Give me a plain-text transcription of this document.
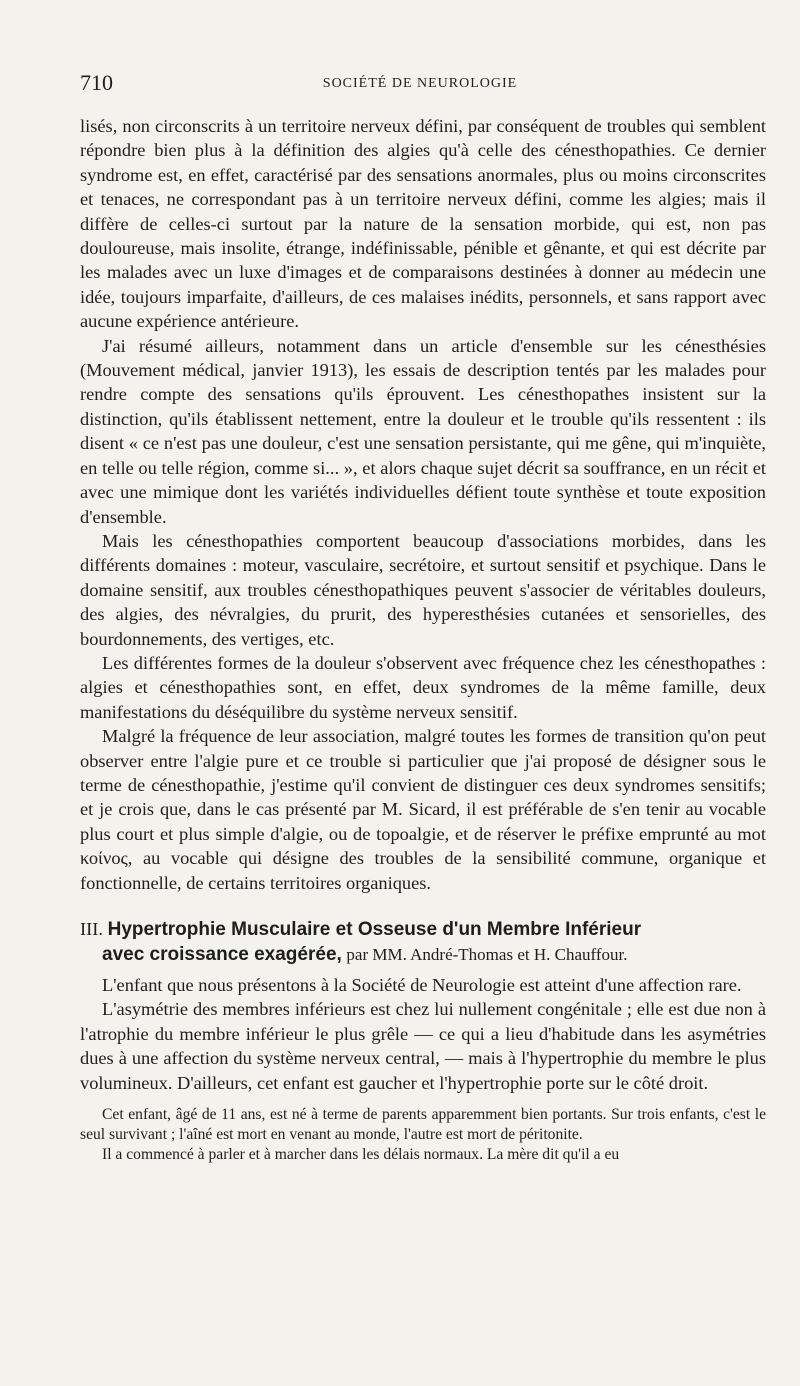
710	SOCIÉTÉ DE NEUROLOGIE

lisés, non circonscrits à un territoire nerveux défini, par conséquent de troubles qui semblent répondre bien plus à la définition des algies qu'à celle des cénesthopathies. Ce dernier syndrome est, en effet, caractérisé par des sensations anormales, plus ou moins circonscrites et tenaces, ne correspondant pas à un territoire nerveux défini, comme les algies; mais il diffère de celles-ci surtout par la nature de la sensation morbide, qui est, non pas douloureuse, mais insolite, étrange, indéfinissable, pénible et gênante, et qui est décrite par les malades avec un luxe d'images et de comparaisons destinées à donner au médecin une idée, toujours imparfaite, d'ailleurs, de ces malaises inédits, personnels, et sans rapport avec aucune expérience antérieure.

J'ai résumé ailleurs, notamment dans un article d'ensemble sur les cénesthésies (Mouvement médical, janvier 1913), les essais de description tentés par les malades pour rendre compte des sensations qu'ils éprouvent. Les cénesthopathes insistent sur la distinction, qu'ils établissent nettement, entre la douleur et le trouble qu'ils ressentent : ils disent « ce n'est pas une douleur, c'est une sensation persistante, qui me gêne, qui m'inquiète, en telle ou telle région, comme si... », et alors chaque sujet décrit sa souffrance, en un récit et avec une mimique dont les variétés individuelles défient toute synthèse et toute exposition d'ensemble.

Mais les cénesthopathies comportent beaucoup d'associations morbides, dans les différents domaines : moteur, vasculaire, secrétoire, et surtout sensitif et psychique. Dans le domaine sensitif, aux troubles cénesthopathiques peuvent s'associer de véritables douleurs, des algies, des névralgies, du prurit, des hyperesthésies cutanées et sensorielles, des bourdonnements, des vertiges, etc.

Les différentes formes de la douleur s'observent avec fréquence chez les cénesthopathes : algies et cénesthopathies sont, en effet, deux syndromes de la même famille, deux manifestations du déséquilibre du système nerveux sensitif.

Malgré la fréquence de leur association, malgré toutes les formes de transition qu'on peut observer entre l'algie pure et ce trouble si particulier que j'ai proposé de désigner sous le terme de cénesthopathie, j'estime qu'il convient de distinguer ces deux syndromes sensitifs; et je crois que, dans le cas présenté par M. Sicard, il est préférable de s'en tenir au vocable plus court et plus simple d'algie, ou de topoalgie, et de réserver le préfixe emprunté au mot κοίνος, au vocable qui désigne des troubles de la sensibilité commune, organique et fonctionnelle, de certains territoires organiques.

III. Hypertrophie Musculaire et Osseuse d'un Membre Inférieur
avec croissance exagérée, par MM. André-Thomas et H. Chauffour.

L'enfant que nous présentons à la Société de Neurologie est atteint d'une affection rare.

L'asymétrie des membres inférieurs est chez lui nullement congénitale ; elle est due non à l'atrophie du membre inférieur le plus grêle — ce qui a lieu d'habitude dans les asymétries dues à une affection du système nerveux central, — mais à l'hypertrophie du membre le plus volumineux. D'ailleurs, cet enfant est gaucher et l'hypertrophie porte sur le côté droit.

Cet enfant, âgé de 11 ans, est né à terme de parents apparemment bien portants. Sur trois enfants, c'est le seul survivant ; l'aîné est mort en venant au monde, l'autre est mort de péritonite.

Il a commencé à parler et à marcher dans les délais normaux. La mère dit qu'il a eu
